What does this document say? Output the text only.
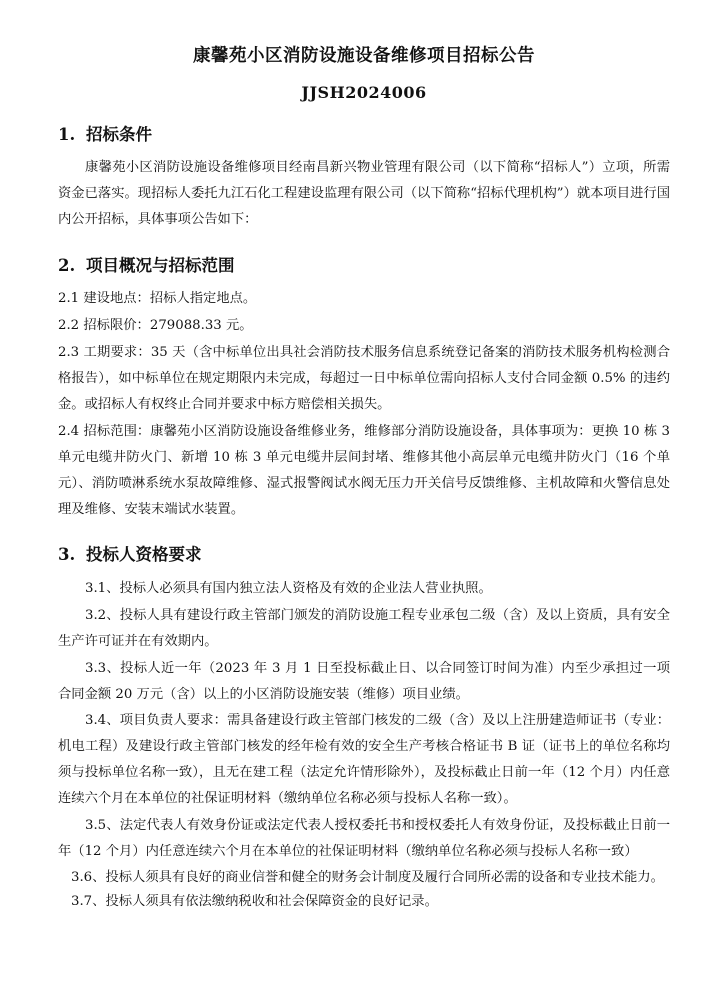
康馨苑小区消防设施设备维修项目招标公告
JJSH2024006
1. 招标条件

康馨苑小区消防设施设备维修项目经南昌新兴物业管理有限公司（以下简称“招标人”）立项，所需资金已落实。现招标人委托九江石化工程建设监理有限公司（以下简称“招标代理机构”）就本项目进行国内公开招标，具体事项公告如下：

2. 项目概况与招标范围

2.1 建设地点：招标人指定地点。

2.2 招标限价：279088.33 元。

2.3 工期要求：35 天（含中标单位出具社会消防技术服务信息系统登记备案的消防技术服务机构检测合格报告），如中标单位在规定期限内未完成，每超过一日中标单位需向招标人支付合同金额 0.5% 的违约金。或招标人有权终止合同并要求中标方赔偿相关损失。

2.4 招标范围：康馨苑小区消防设施设备维修业务，维修部分消防设施设备，具体事项为：更换 10 栋 3 单元电缆井防火门、新增 10 栋 3 单元电缆井层间封堵、维修其他小高层单元电缆井防火门（16 个单元）、消防喷淋系统水泵故障维修、湿式报警阀试水阀无压力开关信号反馈维修、主机故障和火警信息处理及维修、安装末端试水装置。

3. 投标人资格要求

3.1、投标人必须具有国内独立法人资格及有效的企业法人营业执照。

3.2、投标人具有建设行政主管部门颁发的消防设施工程专业承包二级（含）及以上资质，具有安全生产许可证并在有效期内。

3.3、投标人近一年（2023 年 3 月 1 日至投标截止日、以合同签订时间为准）内至少承担过一项合同金额 20 万元（含）以上的小区消防设施安装（维修）项目业绩。

3.4、项目负责人要求：需具备建设行政主管部门核发的二级（含）及以上注册建造师证书（专业：机电工程）及建设行政主管部门核发的经年检有效的安全生产考核合格证书 B 证（证书上的单位名称均须与投标单位名称一致），且无在建工程（法定允许情形除外），及投标截止日前一年（12 个月）内任意连续六个月在本单位的社保证明材料（缴纳单位名称必须与投标人名称一致）。

3.5、法定代表人有效身份证或法定代表人授权委托书和授权委托人有效身份证，及投标截止日前一年（12 个月）内任意连续六个月在本单位的社保证明材料（缴纳单位名称必须与投标人名称一致）

3.6、投标人须具有良好的商业信誉和健全的财务会计制度及履行合同所必需的设备和专业技术能力。

3.7、投标人须具有依法缴纳税收和社会保障资金的良好记录。
